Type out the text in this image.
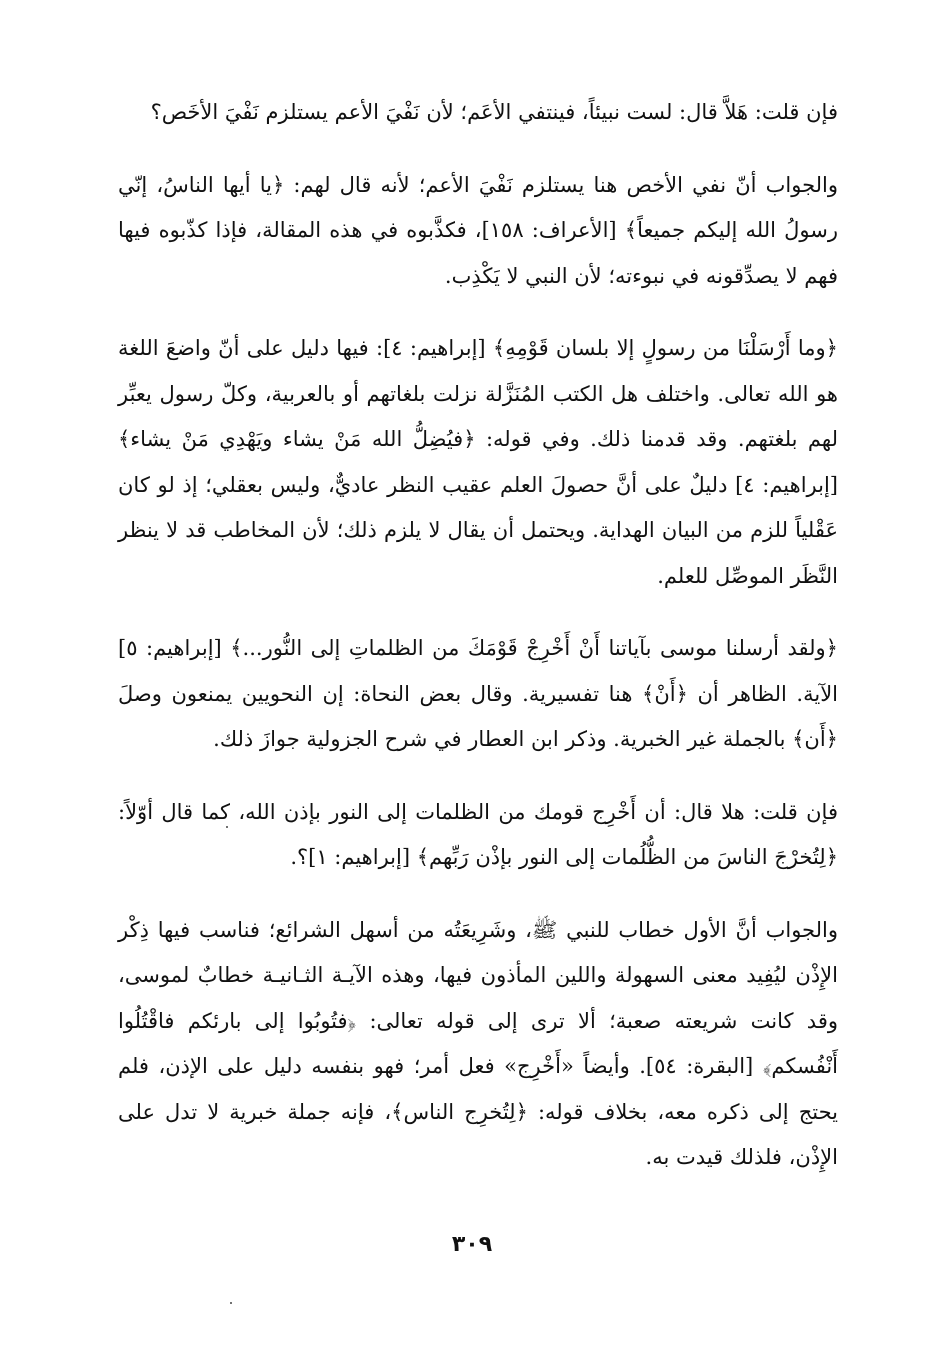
فإن قلت: هَلاَّ قال: لست نبيئاً، فينتفي الأعَم؛ لأن نَفْيَ الأعم يستلزم نَفْيَ الأخَص؟

والجواب أنّ نفي الأخص هنا يستلزم نَفْيَ الأعم؛ لأنه قال لهم: ﴿يا أيها الناسُ، إنّي رسولُ الله إليكم جميعاً﴾ [الأعراف: ١٥٨]، فكذَّبوه في هذه المقالة، فإذا كذّبوه فيها فهم لا يصدِّقونه في نبوءته؛ لأن النبي لا يَكْذِب.

﴿وما أَرْسَلْنَا من رسولٍ إلا بلسان قَوْمِهِ﴾ [إبراهيم: ٤]: فيها دليل على أنّ واضعَ اللغة هو الله تعالى. واختلف هل الكتب المُنَزَّلة نزلت بلغاتهم أو بالعربية، وكلّ رسول يعبِّر لهم بلغتهم. وقد قدمنا ذلك. وفي قوله: ﴿فيُضِلُّ الله مَنْ يشاء ويَهْدِي مَنْ يشاء﴾ [إبراهيم: ٤] دليلٌ على أنَّ حصولَ العلم عقيب النظر عاديٌّ، وليس بعقلي؛ إذ لو كان عَقْلياً للزم من البيان الهداية. ويحتمل أن يقال لا يلزم ذلك؛ لأن المخاطب قد لا ينظر النَّظَر الموصِّل للعلم.

﴿ولقد أرسلنا موسى بآياتنا أَنْ أَخْرِجْ قَوْمَكَ من الظلماتِ إلى النُّور...﴾ [إبراهيم: ٥] الآية. الظاهر أن ﴿أَنْ﴾ هنا تفسيرية. وقال بعض النحاة: إن النحويين يمنعون وصلَ ﴿أَن﴾ بالجملة غير الخبرية. وذكر ابن العطار في شرح الجزولية جوازَ ذلك.

فإن قلت: هلا قال: أن أَخْرِج قومك من الظلمات إلى النور بإذن الله، كما قال أوّلاً: ﴿لِتُخرْجَ الناسَ من الظُّلُمات إلى النور بإذْن رَبِّهم﴾ [إبراهيم: ١]؟.

والجواب أنَّ الأول خطاب للنبي ﷺ، وشَرِيعَتُه من أسهل الشرائع؛ فناسب فيها ذِكْر الإِذْن ليُفِيد معنى السهولة واللين المأذون فيها، وهذه الآيـة الثـانيـة خطابٌ لموسى، وقد كانت شريعته صعبة؛ ألا ترى إلى قوله تعالى: ﴿فتُوبُوا إلى بارئكم فاقْتُلُوا أَنْفُسكم﴾ [البقرة: ٥٤]. وأيضاً «أَخْرِج» فعل أمر؛ فهو بنفسه دليل على الإذن، فلم يحتج إلى ذكره معه، بخلاف قوله: ﴿لِتُخرِج الناس﴾، فإنه جملة خبرية لا تدل على الإِذْن، فلذلك قيدت به.

٣٠٩
